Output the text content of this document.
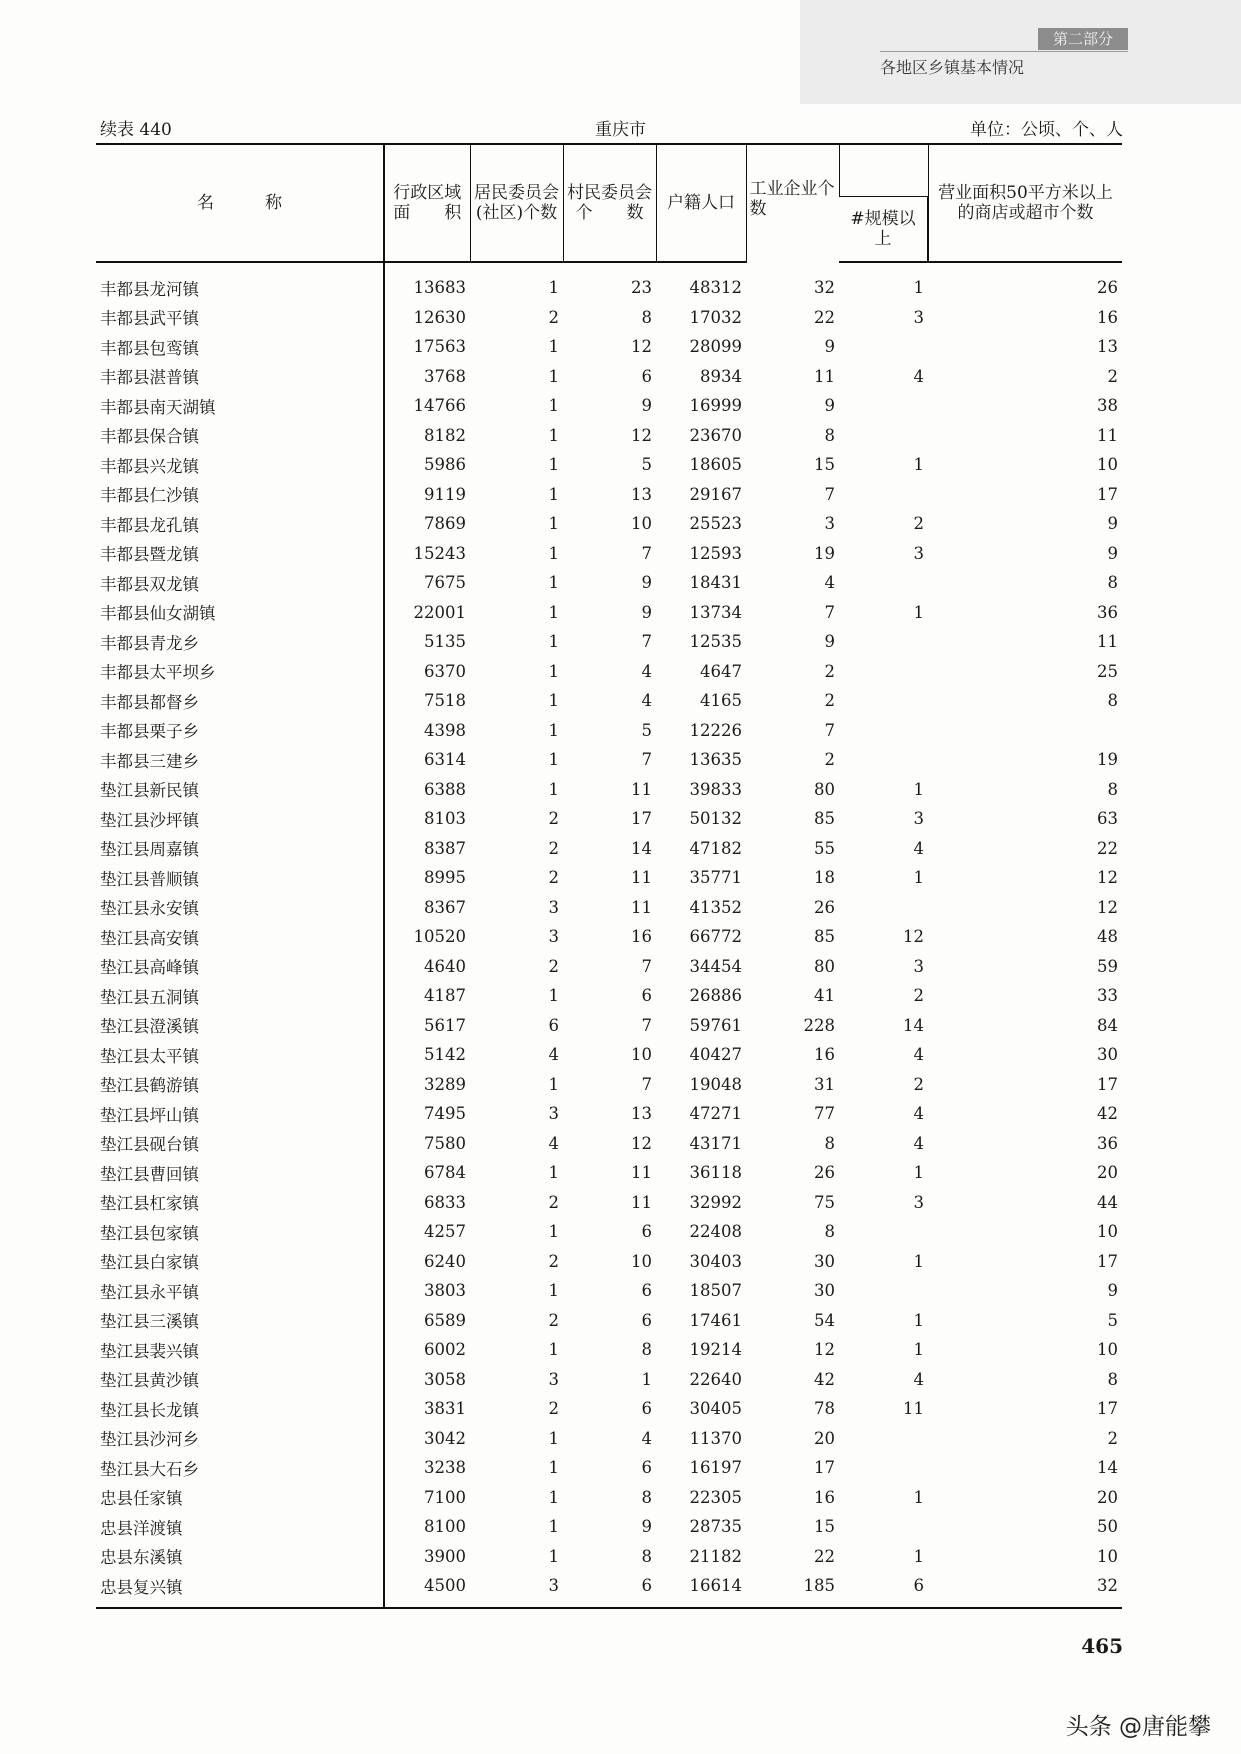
第二部分
各地区乡镇基本情况
续表 440	重庆市	单位：公顷、个、人
名　　　称	行政区域面　　积	居民委员会(社区)个数	村民委员会个　　数	户籍人口	工业企业个　　数		营业面积50平方米以上的商店或超市个数
						#规模以上	
丰都县龙河镇	13683	1	23	48312	32	1	26
丰都县武平镇	12630	2	8	17032	22	3	16
丰都县包鸾镇	17563	1	12	28099	9		13
丰都县湛普镇	3768	1	6	8934	11	4	2
丰都县南天湖镇	14766	1	9	16999	9		38
丰都县保合镇	8182	1	12	23670	8		11
丰都县兴龙镇	5986	1	5	18605	15	1	10
丰都县仁沙镇	9119	1	13	29167	7		17
丰都县龙孔镇	7869	1	10	25523	3	2	9
丰都县暨龙镇	15243	1	7	12593	19	3	9
丰都县双龙镇	7675	1	9	18431	4		8
丰都县仙女湖镇	22001	1	9	13734	7	1	36
丰都县青龙乡	5135	1	7	12535	9		11
丰都县太平坝乡	6370	1	4	4647	2		25
丰都县都督乡	7518	1	4	4165	2		8
丰都县栗子乡	4398	1	5	12226	7		
丰都县三建乡	6314	1	7	13635	2		19
垫江县新民镇	6388	1	11	39833	80	1	8
垫江县沙坪镇	8103	2	17	50132	85	3	63
垫江县周嘉镇	8387	2	14	47182	55	4	22
垫江县普顺镇	8995	2	11	35771	18	1	12
垫江县永安镇	8367	3	11	41352	26		12
垫江县高安镇	10520	3	16	66772	85	12	48
垫江县高峰镇	4640	2	7	34454	80	3	59
垫江县五洞镇	4187	1	6	26886	41	2	33
垫江县澄溪镇	5617	6	7	59761	228	14	84
垫江县太平镇	5142	4	10	40427	16	4	30
垫江县鹤游镇	3289	1	7	19048	31	2	17
垫江县坪山镇	7495	3	13	47271	77	4	42
垫江县砚台镇	7580	4	12	43171	8	4	36
垫江县曹回镇	6784	1	11	36118	26	1	20
垫江县杠家镇	6833	2	11	32992	75	3	44
垫江县包家镇	4257	1	6	22408	8		10
垫江县白家镇	6240	2	10	30403	30	1	17
垫江县永平镇	3803	1	6	18507	30		9
垫江县三溪镇	6589	2	6	17461	54	1	5
垫江县裴兴镇	6002	1	8	19214	12	1	10
垫江县黄沙镇	3058	3	1	22640	42	4	8
垫江县长龙镇	3831	2	6	30405	78	11	17
垫江县沙河乡	3042	1	4	11370	20		2
垫江县大石乡	3238	1	6	16197	17		14
忠县任家镇	7100	1	8	22305	16	1	20
忠县洋渡镇	8100	1	9	28735	15		50
忠县东溪镇	3900	1	8	21182	22	1	10
忠县复兴镇	4500	3	6	16614	185	6	32
465
头条 @唐能攀
